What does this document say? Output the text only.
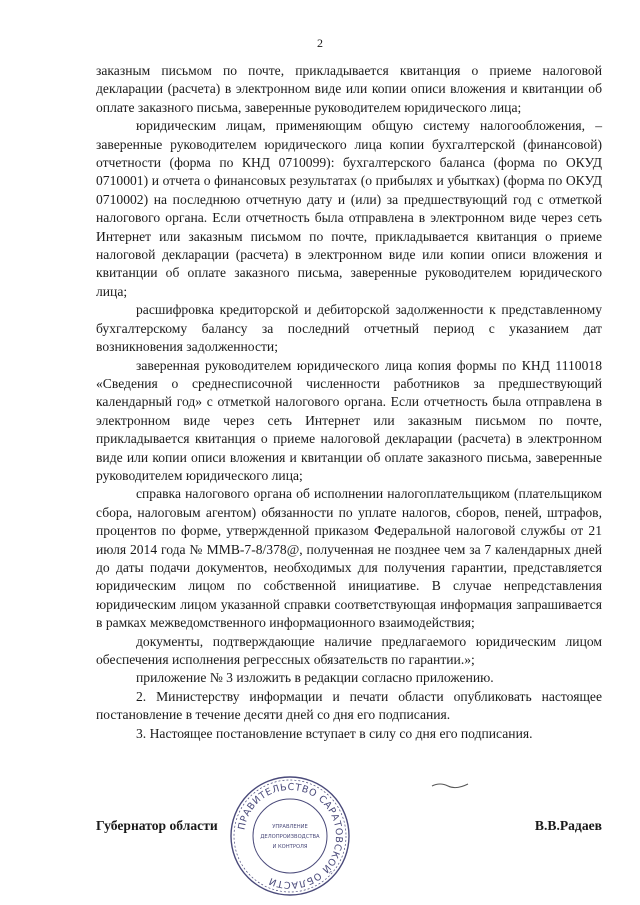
2

заказным письмом по почте, прикладывается квитанция о приеме налоговой декларации (расчета) в электронном виде или копии описи вложения и квитанции об оплате заказного письма, заверенные руководителем юридического лица;

юридическим лицам, применяющим общую систему налогообложения, – заверенные руководителем юридического лица копии бухгалтерской (финансовой) отчетности (форма по КНД 0710099): бухгалтерского баланса (форма по ОКУД 0710001) и отчета о финансовых результатах (о прибылях и убытках) (форма по ОКУД 0710002) на последнюю отчетную дату и (или) за предшествующий год с отметкой налогового органа. Если отчетность была отправлена в электронном виде через сеть Интернет или заказным письмом по почте, прикладывается квитанция о приеме налоговой декларации (расчета) в электронном виде или копии описи вложения и квитанции об оплате заказного письма, заверенные руководителем юридического лица;

расшифровка кредиторской и дебиторской задолженности к представленному бухгалтерскому балансу за последний отчетный период с указанием дат возникновения задолженности;

заверенная руководителем юридического лица копия формы по КНД 1110018 «Сведения о среднесписочной численности работников за предшествующий календарный год» с отметкой налогового органа. Если отчетность была отправлена в электронном виде через сеть Интернет или заказным письмом по почте, прикладывается квитанция о приеме налоговой декларации (расчета) в электронном виде или копии описи вложения и квитанции об оплате заказного письма, заверенные руководителем юридического лица;

справка налогового органа об исполнении налогоплательщиком (плательщиком сбора, налоговым агентом) обязанности по уплате налогов, сборов, пеней, штрафов, процентов по форме, утвержденной приказом Федеральной налоговой службы от 21 июля 2014 года № ММВ-7-8/378@, полученная не позднее чем за 7 календарных дней до даты подачи документов, необходимых для получения гарантии, представляется юридическим лицом по собственной инициативе. В случае непредставления юридическим лицом указанной справки соответствующая информация запрашивается в рамках межведомственного информационного взаимодействия;

документы, подтверждающие наличие предлагаемого юридическим лицом обеспечения исполнения регрессных обязательств по гарантии.»;

приложение № 3 изложить в редакции согласно приложению.

2. Министерству информации и печати области опубликовать настоящее постановление в течение десяти дней со дня его подписания.

3. Настоящее постановление вступает в силу со дня его подписания.

Губернатор области	В.В.Радаев
ПРАВИТЕЛЬСТВО САРАТОВСКОЙ ОБЛАСТИ
УПРАВЛЕНИЕ
ДЕЛОПРОИЗВОДСТВА
И КОНТРОЛЯ
